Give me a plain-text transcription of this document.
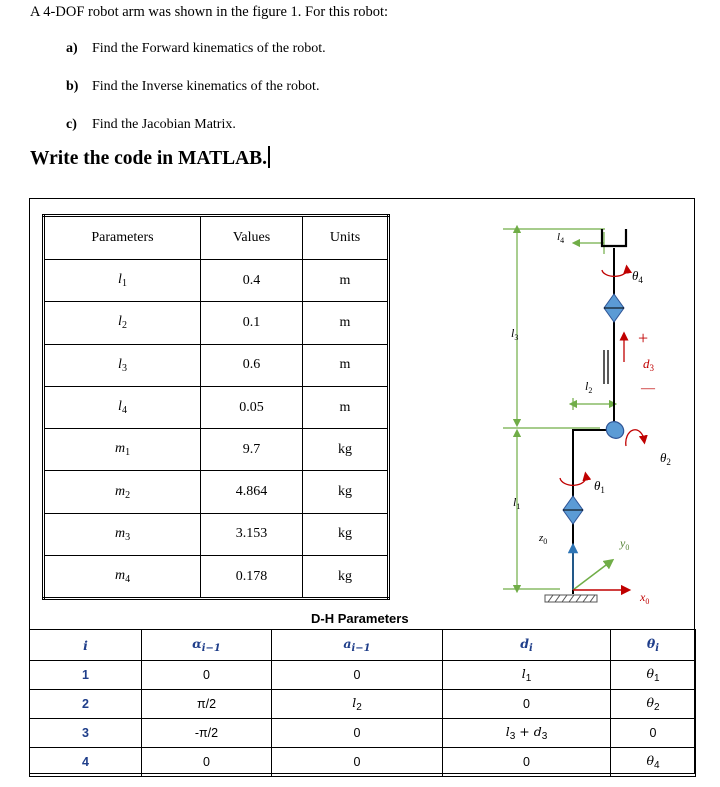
A 4-DOF robot arm was shown in the figure 1. For this robot:
a) Find the Forward kinematics of the robot.
b) Find the Inverse kinematics of the robot.
c) Find the Jacobian Matrix.
Write the code in MATLAB.
Parameters	Values	Units
$l_1$	0.4	m
$l_2$	0.1	m
$l_3$	0.6	m
$l_4$	0.05	m
$m_1$	9.7	kg
$m_2$	4.864	kg
$m_3$	3.153	kg
$m_4$	0.178	kg
$l_4$
$l_3$
$l_2$
$l_1$
$\theta_4$
$\theta_2$
$\theta_1$
+
$d_3$
—
$z_0$	$y_0$
$x_0$
D-H Parameters
i	$\alpha_{i-1}$	$a_{i-1}$	$d_i$	$\theta_i$
1	0	0	$l_1$	$\theta_1$
2	π/2	$l_2$	0	$\theta_2$
3	-π/2	0	$l_3 + d_3$	0
4	0	0	0	$\theta_4$
